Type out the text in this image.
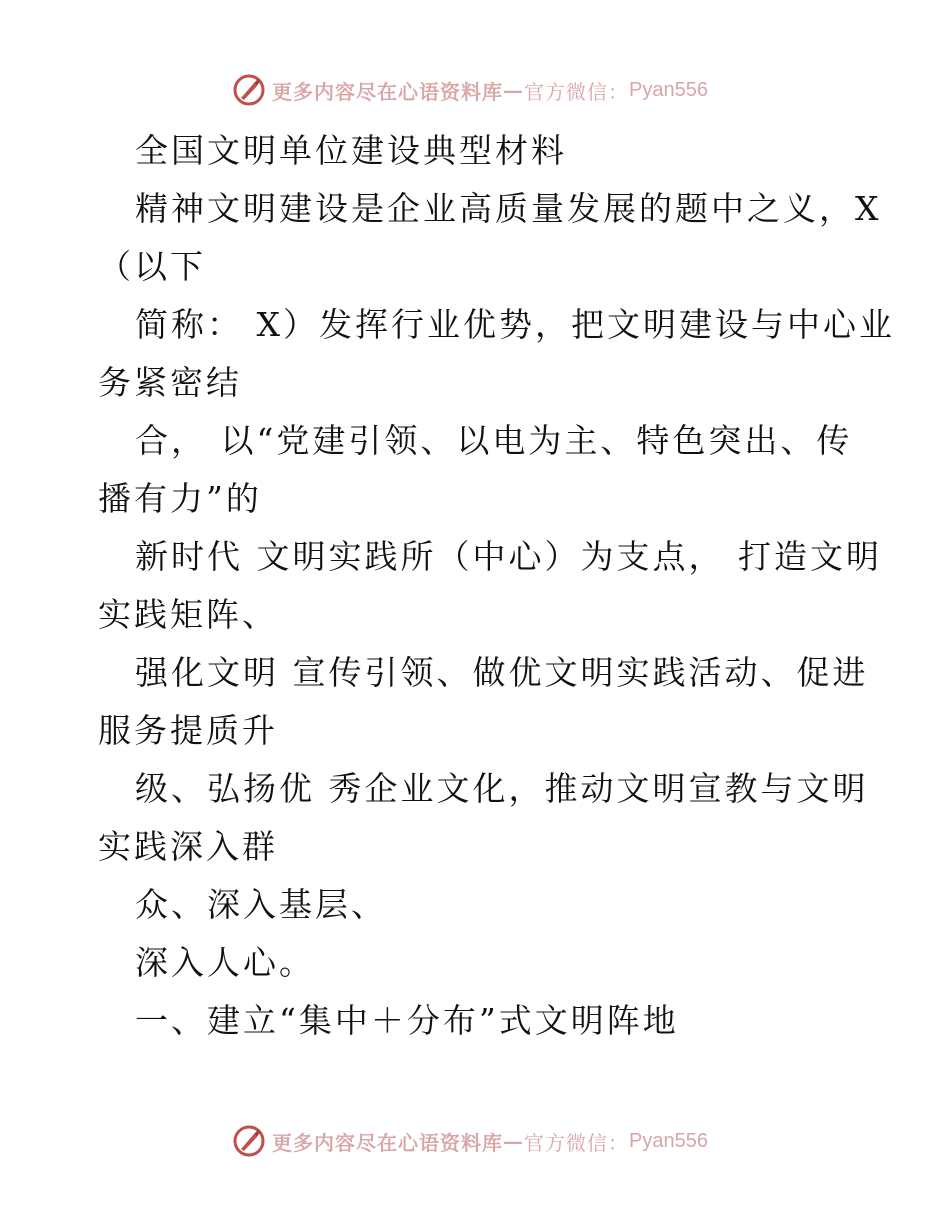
更多内容尽在心语资料库 — 官方微信： Pyan556
全国文明单位建设典型材料
精神文明建设是企业高质量发展的题中之义，X
（以下
简称： X）发挥行业优势，把文明建设与中心业
务紧密结
合， 以“党建引领、以电为主、特色突出、传
播有力”的
新时代 文明实践所（中心）为支点， 打造文明
实践矩阵、
强化文明 宣传引领、做优文明实践活动、促进
服务提质升
级、弘扬优 秀企业文化，推动文明宣教与文明
实践深入群
众、深入基层、
深入人心。
一、建立“集中＋分布”式文明阵地
更多内容尽在心语资料库 — 官方微信： Pyan556
